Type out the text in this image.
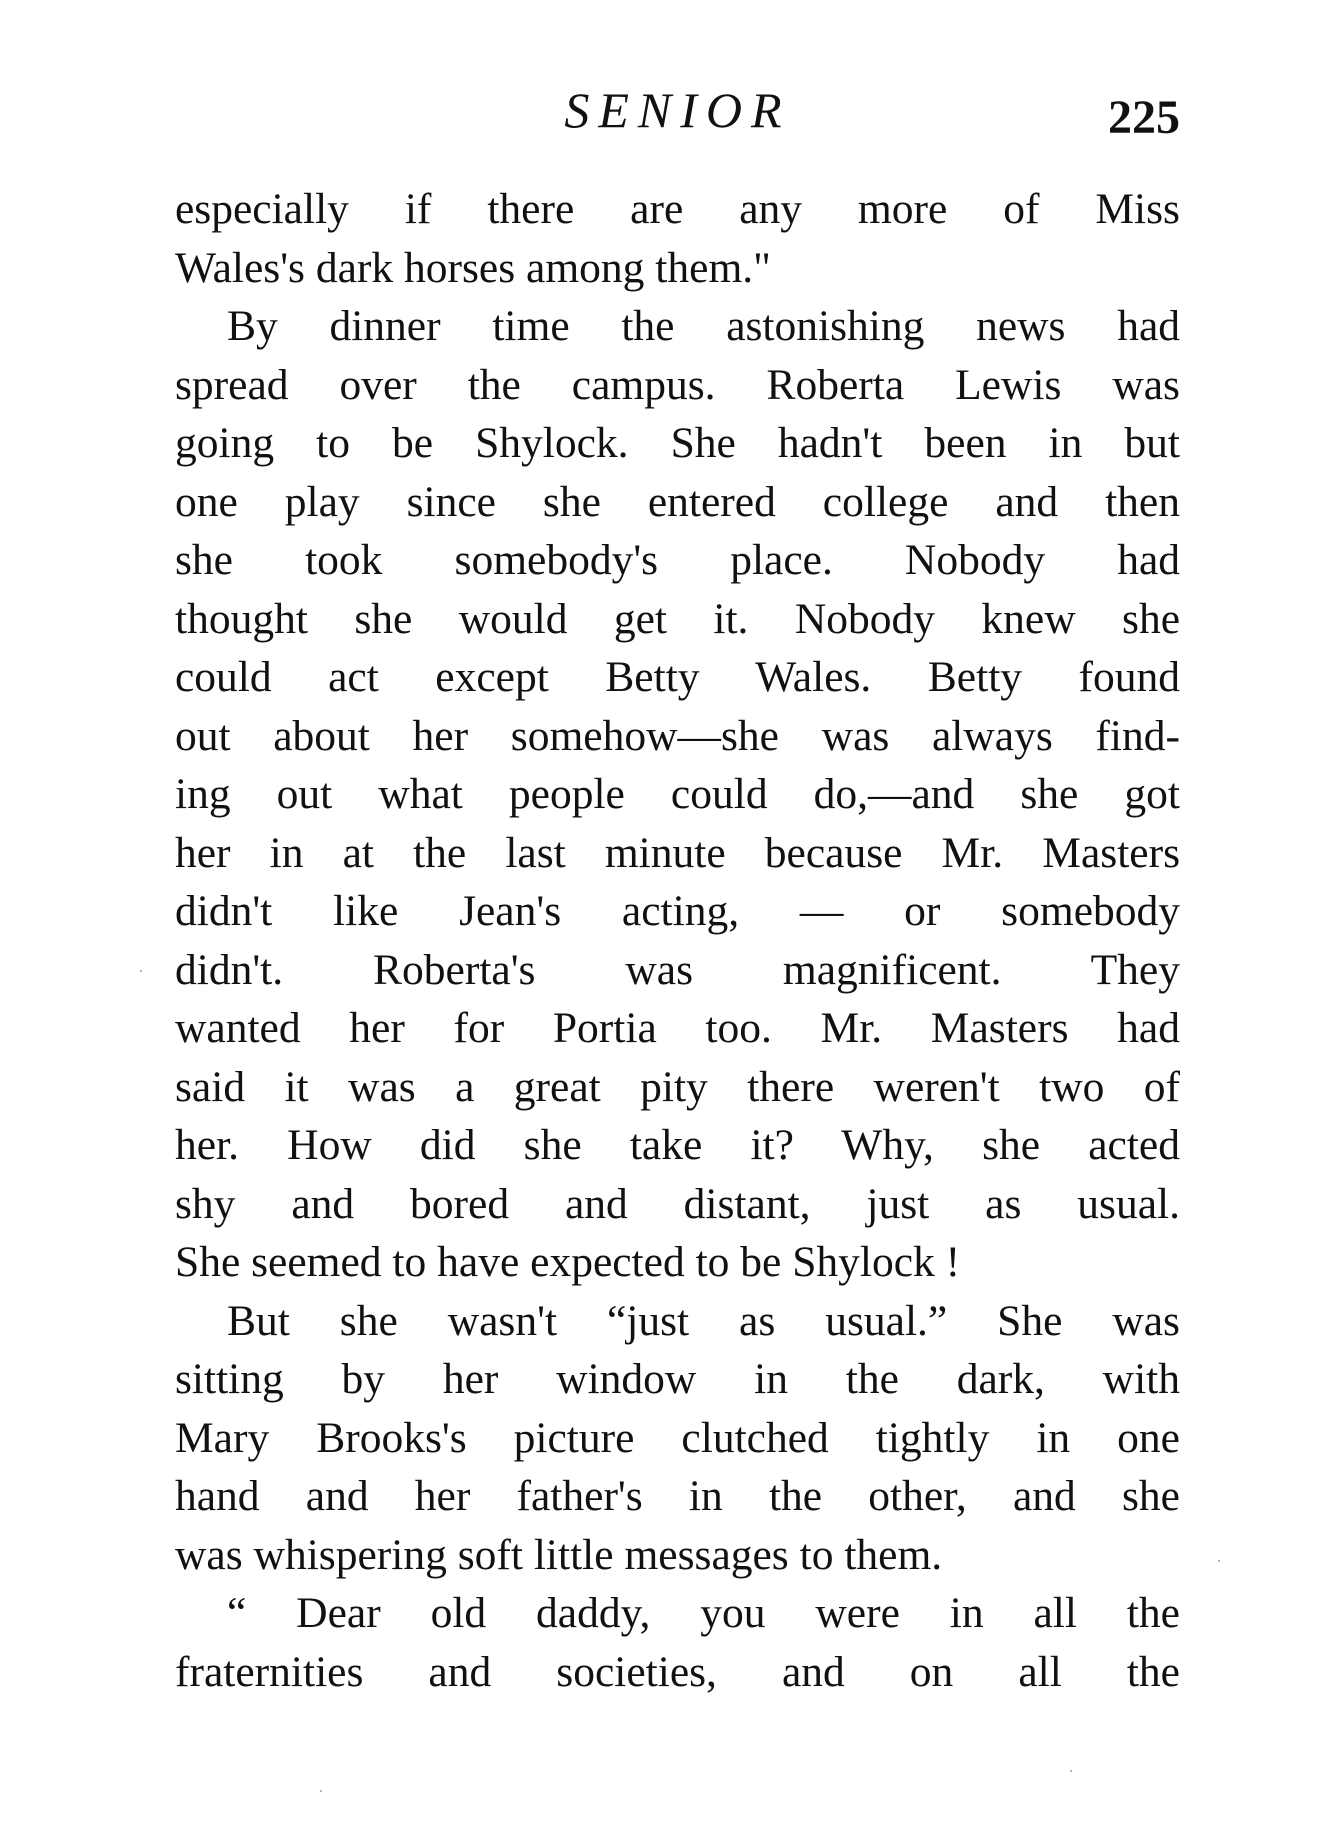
SENIOR	225
especially if there are any more of Miss
Wales's dark horses among them."
By dinner time the astonishing news had
spread over the campus. Roberta Lewis was
going to be Shylock. She hadn't been in but
one play since she entered college and then
she took somebody's place. Nobody had
thought she would get it. Nobody knew she
could act except Betty Wales. Betty found
out about her somehow—she was always find-
ing out what people could do,—and she got
her in at the last minute because Mr. Masters
didn't like Jean's acting, — or somebody
didn't. Roberta's was magnificent. They
wanted her for Portia too. Mr. Masters had
said it was a great pity there weren't two of
her. How did she take it? Why, she acted
shy and bored and distant, just as usual.
She seemed to have expected to be Shylock !
But she wasn't “just as usual.” She was
sitting by her window in the dark, with
Mary Brooks's picture clutched tightly in one
hand and her father's in the other, and she
was whispering soft little messages to them.
“ Dear old daddy, you were in all the
fraternities and societies, and on all the
